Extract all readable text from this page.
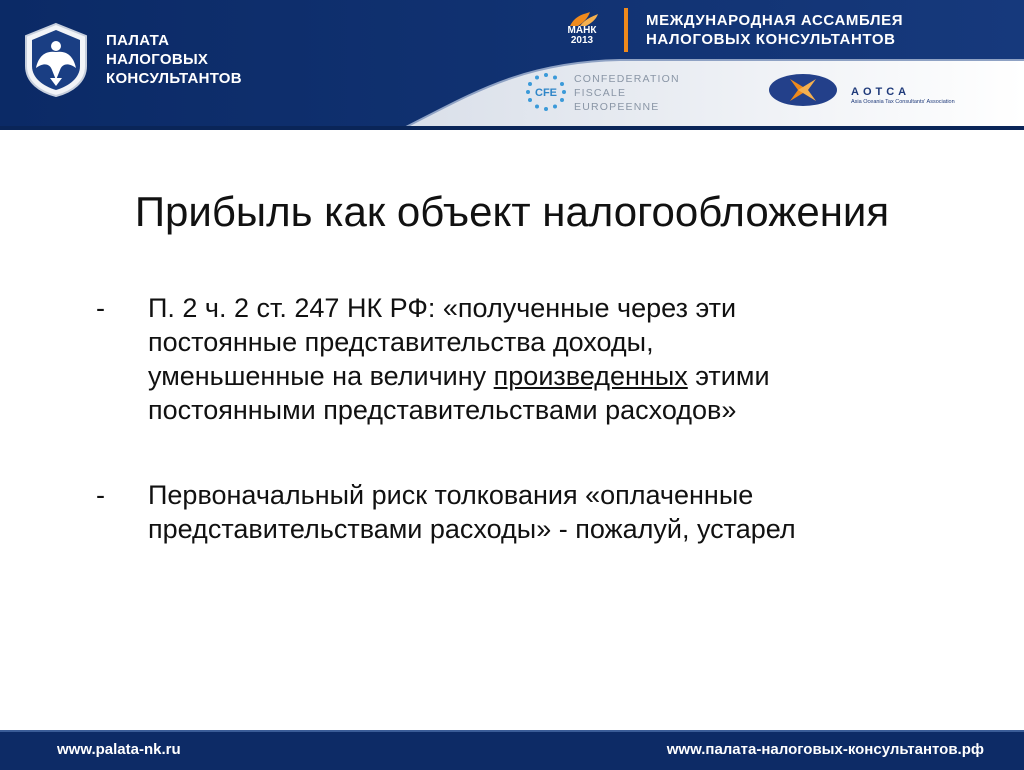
ПАЛАТА
НАЛОГОВЫХ
КОНСУЛЬТАНТОВ
МАНК
2013
МЕЖДУНАРОДНАЯ АССАМБЛЕЯ
НАЛОГОВЫХ КОНСУЛЬТАНТОВ
CFE
CONFEDERATION
FISCALE
EUROPEENNE
AOTCA
Asia Oceania Tax Consultants' Association
Прибыль как объект налогообложения
- П. 2 ч. 2 ст. 247 НК РФ: «полученные через эти
постоянные представительства доходы,
уменьшенные на величину произведенных этими
постоянными представительствами расходов»
- Первоначальный риск толкования «оплаченные
представительствами расходы» - пожалуй, устарел
www.palata-nk.ru	www.палата-налоговых-консультантов.рф
